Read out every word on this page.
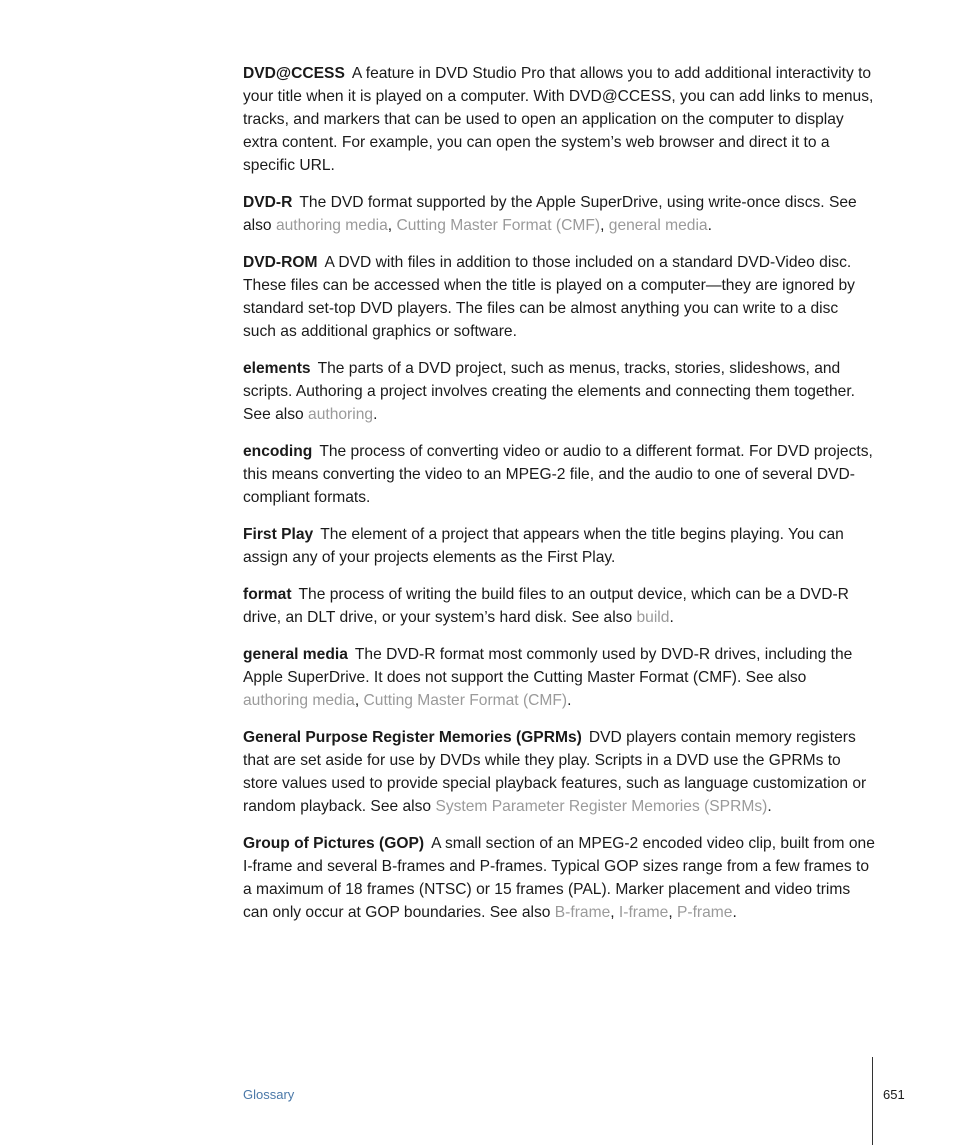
DVD@CCESS A feature in DVD Studio Pro that allows you to add additional interactivity to your title when it is played on a computer. With DVD@CCESS, you can add links to menus, tracks, and markers that can be used to open an application on the computer to display extra content. For example, you can open the system’s web browser and direct it to a specific URL.

DVD-R The DVD format supported by the Apple SuperDrive, using write-once discs. See also authoring media, Cutting Master Format (CMF), general media.

DVD-ROM A DVD with files in addition to those included on a standard DVD-Video disc. These files can be accessed when the title is played on a computer—they are ignored by standard set-top DVD players. The files can be almost anything you can write to a disc such as additional graphics or software.

elements The parts of a DVD project, such as menus, tracks, stories, slideshows, and scripts. Authoring a project involves creating the elements and connecting them together. See also authoring.

encoding The process of converting video or audio to a different format. For DVD projects, this means converting the video to an MPEG-2 file, and the audio to one of several DVD-compliant formats.

First Play The element of a project that appears when the title begins playing. You can assign any of your projects elements as the First Play.

format The process of writing the build files to an output device, which can be a DVD-R drive, an DLT drive, or your system’s hard disk. See also build.

general media The DVD-R format most commonly used by DVD-R drives, including the Apple SuperDrive. It does not support the Cutting Master Format (CMF). See also authoring media, Cutting Master Format (CMF).

General Purpose Register Memories (GPRMs) DVD players contain memory registers that are set aside for use by DVDs while they play. Scripts in a DVD use the GPRMs to store values used to provide special playback features, such as language customization or random playback. See also System Parameter Register Memories (SPRMs).

Group of Pictures (GOP) A small section of an MPEG-2 encoded video clip, built from one I-frame and several B-frames and P-frames. Typical GOP sizes range from a few frames to a maximum of 18 frames (NTSC) or 15 frames (PAL). Marker placement and video trims can only occur at GOP boundaries. See also B-frame, I-frame, P-frame.

Glossary	651
